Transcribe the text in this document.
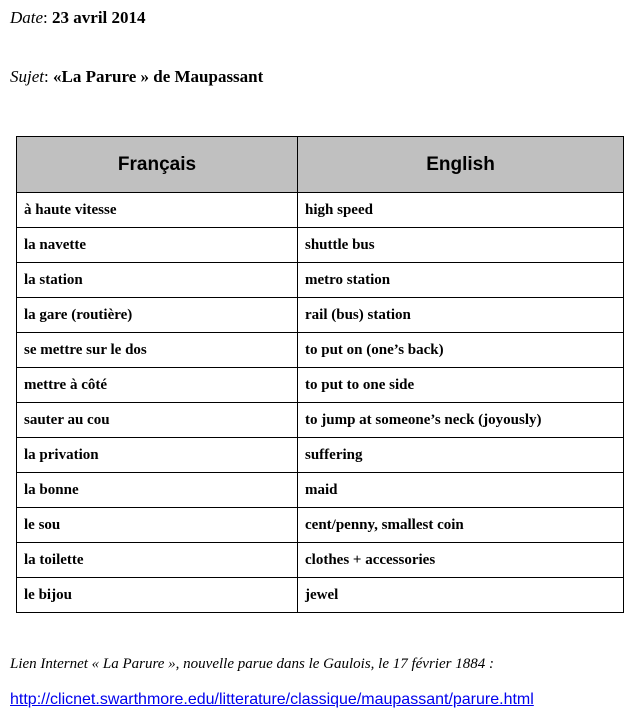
Date: 23 avril 2014
Sujet: «La Parure » de Maupassant
Français	English
à haute vitesse	high speed
la navette	shuttle bus
la station	metro station
la gare (routière)	rail (bus) station
se mettre sur le dos	to put on (one’s back)
mettre à côté	to put to one side
sauter au cou	to jump at someone’s neck (joyously)
la privation	suffering
la bonne	maid
le sou	cent/penny, smallest coin
la toilette	clothes + accessories
le bijou	jewel
Lien Internet « La Parure », nouvelle parue dans le Gaulois, le 17 février 1884 :
http://clicnet.swarthmore.edu/litterature/classique/maupassant/parure.html
